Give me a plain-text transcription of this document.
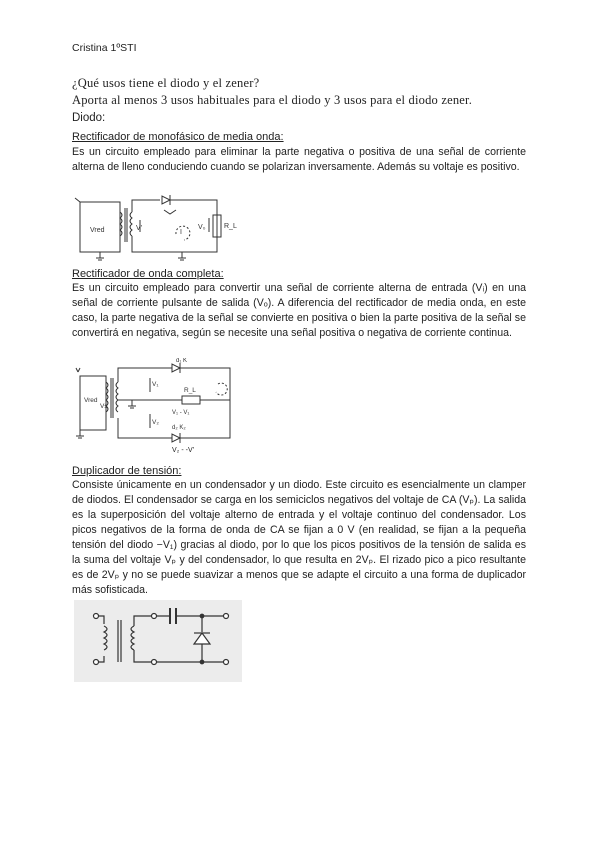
Cristina 1ºSTI
¿Qué usos tiene el diodo y el zener?
Aporta al menos 3 usos habituales para el diodo y 3 usos para el diodo zener.
Diodo:
Rectificador de monofásico de media onda:
Es un circuito empleado para eliminar la parte negativa o positiva de una señal de corriente alterna de lleno conduciendo cuando se polarizan inversamente. Además su voltaje es positivo.
Vred	V'
I
V₀	R_L
Rectificador de onda completa:
Es un circuito empleado para convertir una señal de corriente alterna de entrada (Vᵢ) en una señal de corriente pulsante de salida (Vₒ). A diferencia del rectificador de media onda, en este caso, la parte negativa de la señal se convierte en positiva o bien la parte positiva de la señal se convertirá en negativa, según se necesite una señal positiva o negativa de corriente continua.
Vred
Vs
d₁ K
d₂ K₂
R_L
V₁
V₂
V₁ - V₁
V₂ - -V'
Duplicador de tensión:
Consiste únicamente en un condensador y un diodo. Este circuito es esencialmente un clamper de diodos. El condensador se carga en los semiciclos negativos del voltaje de CA (Vₚ). La salida es la superposición del voltaje alterno de entrada y el voltaje continuo del condensador. Los picos negativos de la forma de onda de CA se fijan a 0 V (en realidad, se fijan a la pequeña tensión del diodo −V₁) gracias al diodo, por lo que los picos positivos de la tensión de salida es la suma del voltaje Vₚ y del condensador, lo que resulta en 2Vₚ. El rizado pico a pico resultante es de 2Vₚ y no se puede suavizar a menos que se adapte el circuito a una forma de duplicador más sofisticada.
